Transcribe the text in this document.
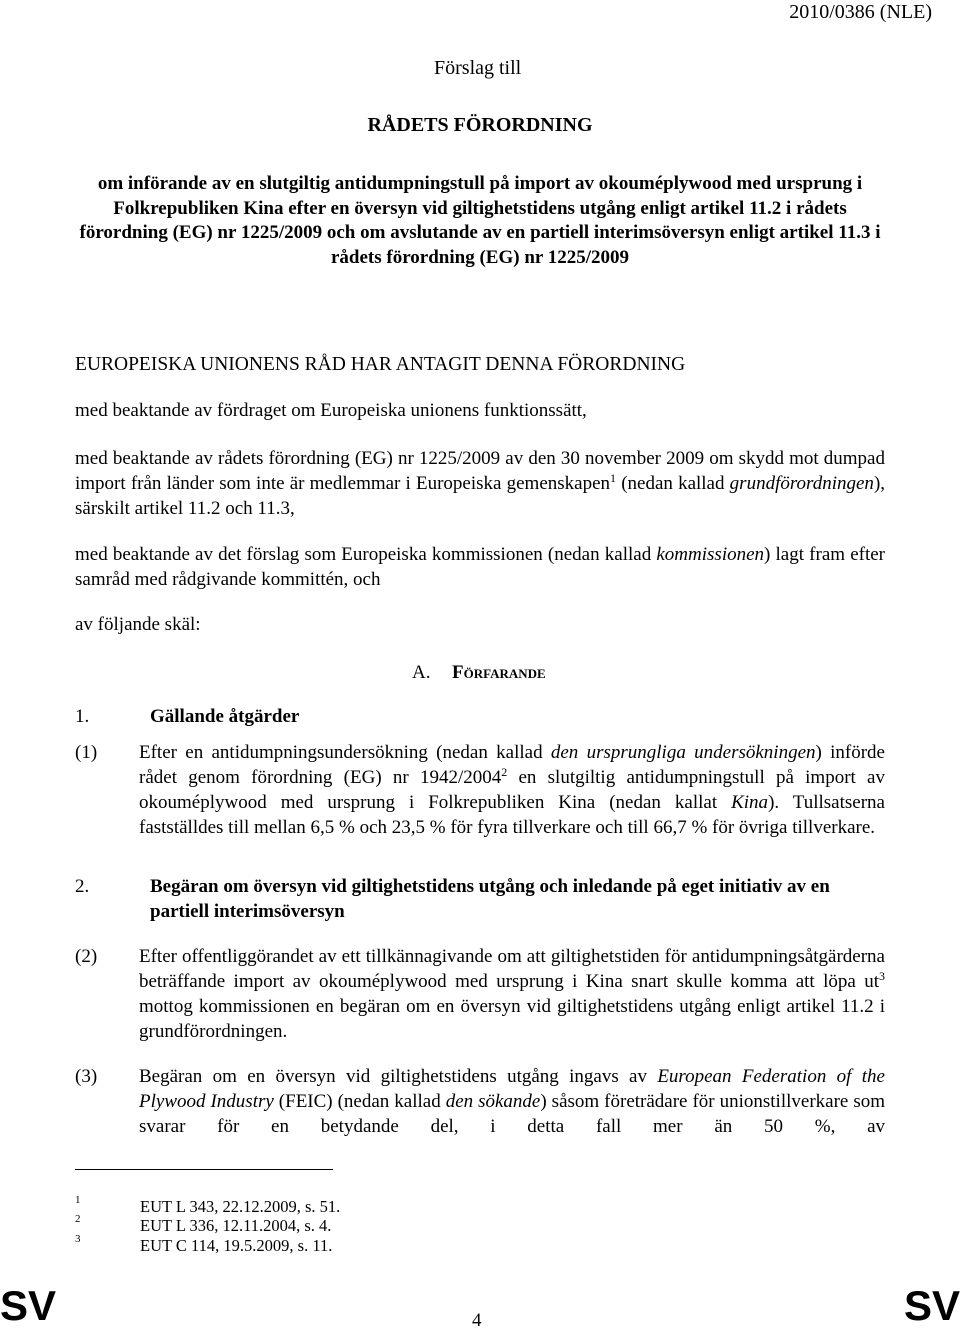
2010/0386 (NLE)
Förslag till
RÅDETS FÖRORDNING
om införande av en slutgiltig antidumpningstull på import av okouméplywood med ursprung i Folkrepubliken Kina efter en översyn vid giltighetstidens utgång enligt artikel 11.2 i rådets förordning (EG) nr 1225/2009 och om avslutande av en partiell interimsöversyn enligt artikel 11.3 i rådets förordning (EG) nr 1225/2009
EUROPEISKA UNIONENS RÅD HAR ANTAGIT DENNA FÖRORDNING

med beaktande av fördraget om Europeiska unionens funktionssätt,

med beaktande av rådets förordning (EG) nr 1225/2009 av den 30 november 2009 om skydd mot dumpad import från länder som inte är medlemmar i Europeiska gemenskapen$^1$ (nedan kallad grundförordningen), särskilt artikel 11.2 och 11.3,

med beaktande av det förslag som Europeiska kommissionen (nedan kallad kommissionen) lagt fram efter samråd med rådgivande kommittén, och

av följande skäl:

A. Förfarande
1.	Gällande åtgärder
(1) Efter en antidumpningsundersökning (nedan kallad den ursprungliga undersökningen) införde rådet genom förordning (EG) nr 1942/2004$^2$ en slutgiltig antidumpningstull på import av okouméplywood med ursprung i Folkrepubliken Kina (nedan kallat Kina). Tullsatserna fastställdes till mellan 6,5 % och 23,5 % för fyra tillverkare och till 66,7 % för övriga tillverkare.
2.	Begäran om översyn vid giltighetstidens utgång och inledande på eget initiativ av en partiell interimsöversyn
(2) Efter offentliggörandet av ett tillkännagivande om att giltighetstiden för antidumpningsåtgärderna beträffande import av okouméplywood med ursprung i Kina snart skulle komma att löpa $ut^3$ mottog kommissionen en begäran om en översyn vid giltighetstidens utgång enligt artikel 11.2 i grundförordningen.
(3) Begäran om en översyn vid giltighetstidens utgång ingavs av European Federation of the Plywood Industry (FEIC) (nedan kallad den sökande) såsom företrädare för unionstillverkare som svarar för en betydande del, i detta fall mer än 50 %, av
1	EUT L 343, 22.12.2009, s. 51.
2	EUT L 336, 12.11.2004, s. 4.
3	EUT C 114, 19.5.2009, s. 11.
SV	4	SV
